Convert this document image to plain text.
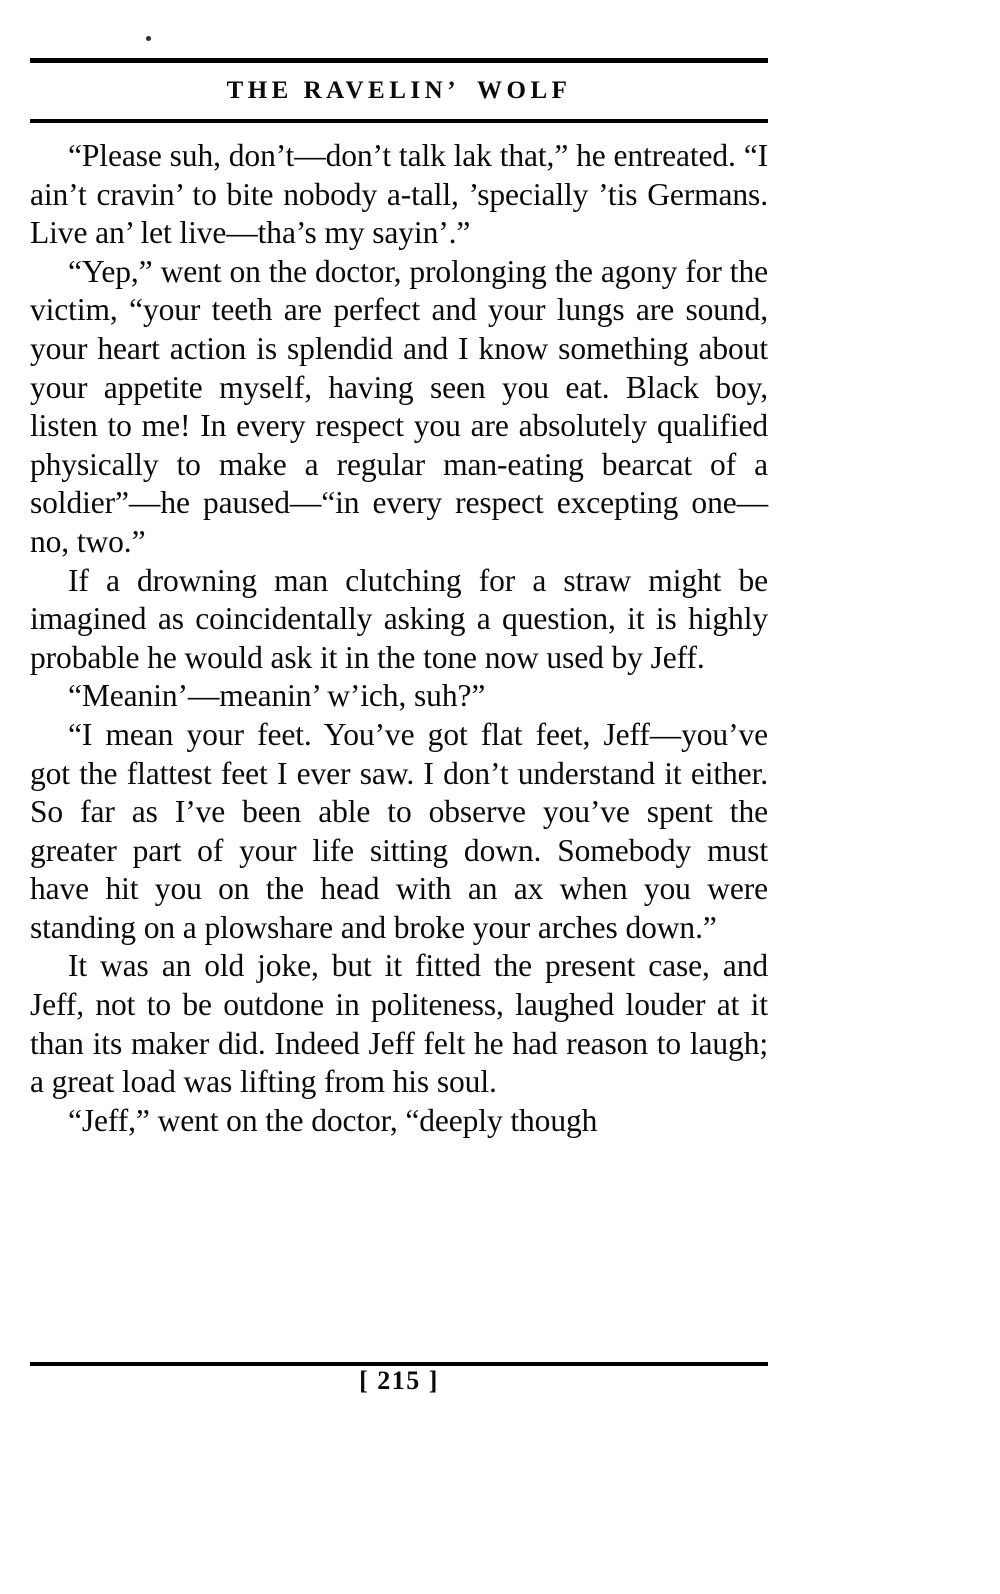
THE RAVELIN’ WOLF

“Please suh, don’t—don’t talk lak that,” he entreated. “I ain’t cravin’ to bite nobody a-tall, ’specially ’tis Germans. Live an’ let live—tha’s my sayin’.”

“Yep,” went on the doctor, prolonging the agony for the victim, “your teeth are perfect and your lungs are sound, your heart action is splendid and I know something about your appetite myself, having seen you eat. Black boy, listen to me! In every respect you are absolutely qualified physically to make a regular man-eating bearcat of a soldier”—he paused—“in every respect excepting one—no, two.”

If a drowning man clutching for a straw might be imagined as coincidentally asking a question, it is highly probable he would ask it in the tone now used by Jeff.

“Meanin’—meanin’ w’ich, suh?”

“I mean your feet. You’ve got flat feet, Jeff—you’ve got the flattest feet I ever saw. I don’t understand it either. So far as I’ve been able to observe you’ve spent the greater part of your life sitting down. Somebody must have hit you on the head with an ax when you were standing on a plowshare and broke your arches down.”

It was an old joke, but it fitted the present case, and Jeff, not to be outdone in politeness, laughed louder at it than its maker did. Indeed Jeff felt he had reason to laugh; a great load was lifting from his soul.

“Jeff,” went on the doctor, “deeply though

[ 215 ]
